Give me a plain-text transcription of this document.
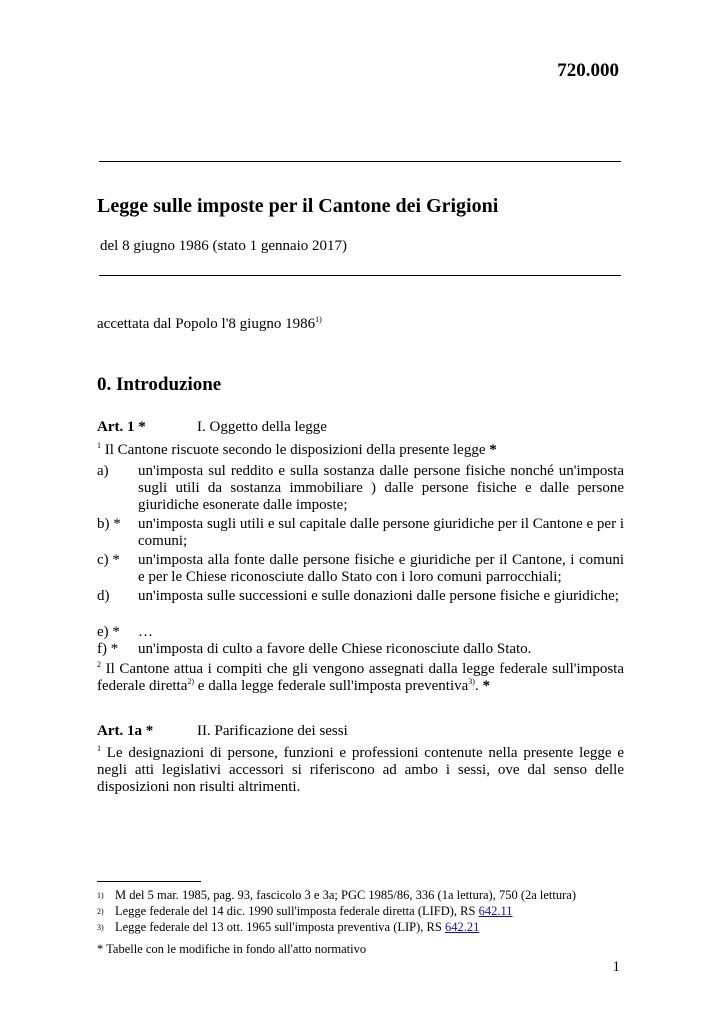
720.000
Legge sulle imposte per il Cantone dei Grigioni
del 8 giugno 1986 (stato 1 gennaio 2017)
accettata dal Popolo l'8 giugno 1986$^{1)}$
0. Introduzione
Art. 1 *	I. Oggetto della legge
$^1$ Il Cantone riscuote secondo le disposizioni della presente legge *
a) un'imposta sul reddito e sulla sostanza dalle persone fisiche nonché un'imposta sugli utili da sostanza immobiliare ) dalle persone fisiche e dalle persone giuridiche esonerate dalle imposte;
b) * un'imposta sugli utili e sul capitale dalle persone giuridiche per il Cantone e per i comuni;
c) * un'imposta alla fonte dalle persone fisiche e giuridiche per il Cantone, i comuni e per le Chiese riconosciute dallo Stato con i loro comuni parrocchiali;
d) un'imposta sulle successioni e sulle donazioni dalle persone fisiche e giuridiche;
e) * …
f) * un'imposta di culto a favore delle Chiese riconosciute dallo Stato.
$^2$ Il Cantone attua i compiti che gli vengono assegnati dalla legge federale sull'imposta federale diretta$^{2)}$ e dalla legge federale sull'imposta preventiva$^{3)}$. *
Art. 1a *	II. Parificazione dei sessi
$^1$ Le designazioni di persone, funzioni e professioni contenute nella presente legge e negli atti legislativi accessori si riferiscono ad ambo i sessi, ove dal senso delle disposizioni non risulti altrimenti.
1) M del 5 mar. 1985, pag. 93, fascicolo 3 e 3a; PGC 1985/86, 336 (1a lettura), 750 (2a lettura)
2) Legge federale del 14 dic. 1990 sull'imposta federale diretta (LIFD), RS 642.11
3) Legge federale del 13 ott. 1965 sull'imposta preventiva (LIP), RS 642.21
* Tabelle con le modifiche in fondo all'atto normativo
1
